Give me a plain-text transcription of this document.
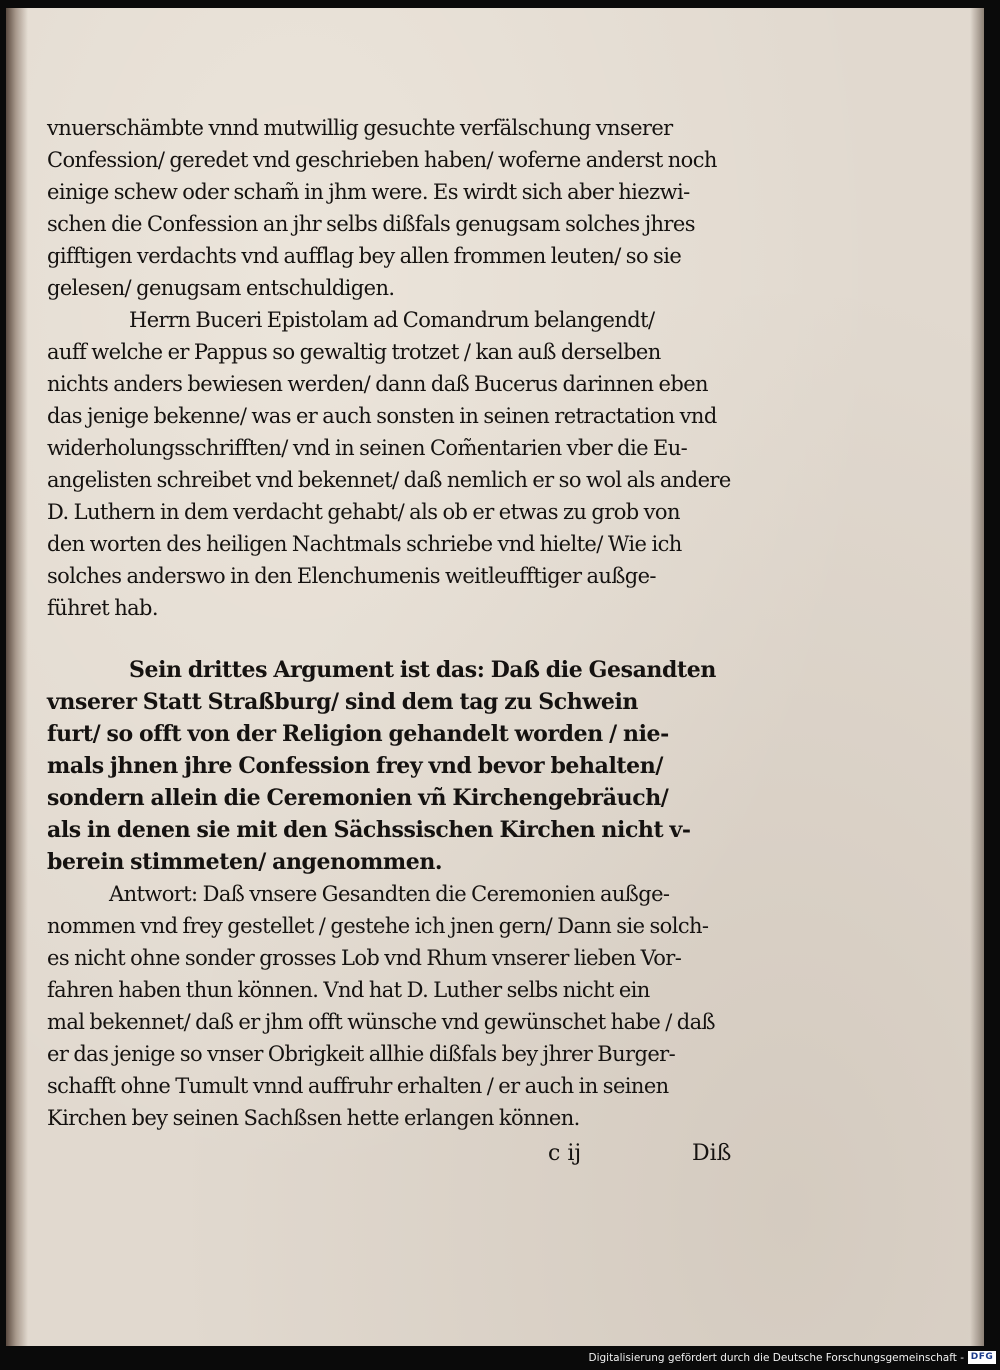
vnuerschämbte vnnd mutwillig gesuchte verfälschung vnserer
Confession/ geredet vnd geschrieben haben/ woferne anderst noch
einige schew oder scham̃ in jhm were. Es wirdt sich aber hiezwi-
schen die Confession an jhr selbs dißfals genugsam solches jhres
gifftigen verdachts vnd aufflag bey allen frommen leuten/ so sie
gelesen/ genugsam entschuldigen.
Herrn Buceri Epistolam ad Comandrum belangendt/
auff welche er Pappus so gewaltig trotzet / kan auß derselben
nichts anders bewiesen werden/ dann daß Bucerus darinnen eben
das jenige bekenne/ was er auch sonsten in seinen retractation vnd
widerholungsschrifften/ vnd in seinen Com̃entarien vber die Eu-
angelisten schreibet vnd bekennet/ daß nemlich er so wol als andere
D. Luthern in dem verdacht gehabt/ als ob er etwas zu grob von
den worten des heiligen Nachtmals schriebe vnd hielte/ Wie ich
solches anderswo in den Elenchumenis weitleufftiger außge-
führet hab.
Sein drittes Argument ist das: Daß die Gesandten
vnserer Statt Straßburg/ sind dem tag zu Schwein
furt/ so offt von der Religion gehandelt worden / nie-
mals jhnen jhre Confession frey vnd bevor behalten/
sondern allein die Ceremonien vñ Kirchengebräuch/
als in denen sie mit den Sächssischen Kirchen nicht v-
berein stimmeten/ angenommen.
Antwort: Daß vnsere Gesandten die Ceremonien außge-
nommen vnd frey gestellet / gestehe ich jnen gern/ Dann sie solch-
es nicht ohne sonder grosses Lob vnd Rhum vnserer lieben Vor-
fahren haben thun können. Vnd hat D. Luther selbs nicht ein
mal bekennet/ daß er jhm offt wünsche vnd gewünschet habe / daß
er das jenige so vnser Obrigkeit allhie dißfals bey jhrer Burger-
schafft ohne Tumult vnnd auffruhr erhalten / er auch in seinen
Kirchen bey seinen Sachßsen hette erlangen können.
c ij	Diß
Digitalisierung gefördert durch die Deutsche Forschungsgemeinschaft - DFG
